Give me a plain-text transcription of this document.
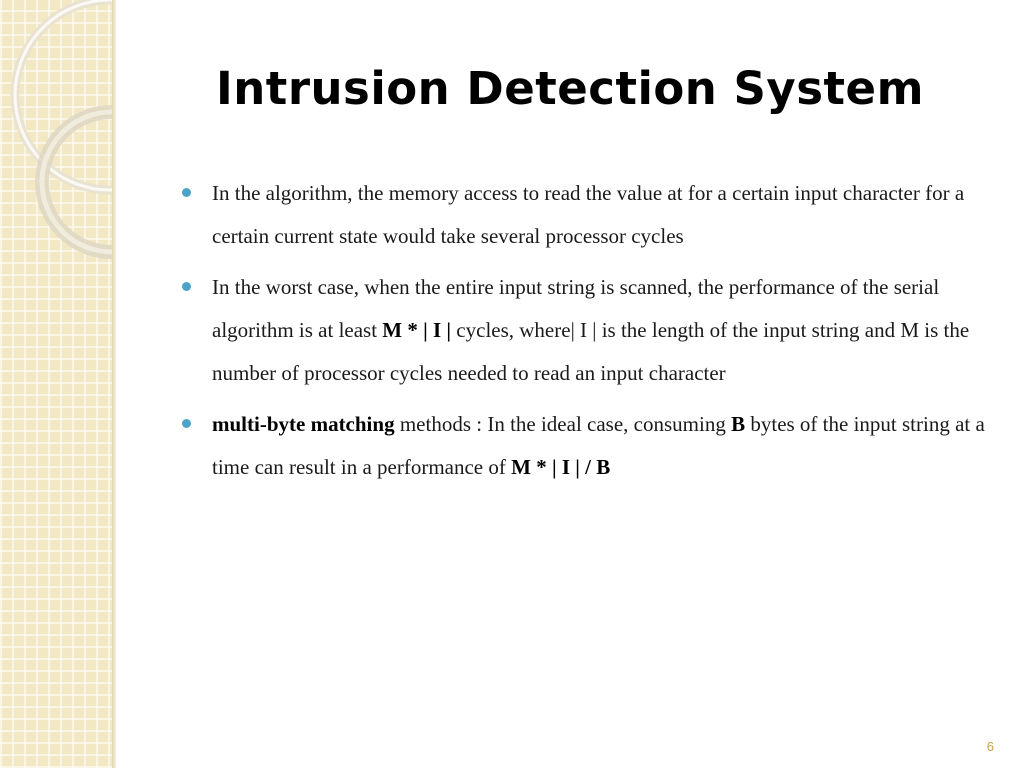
Intrusion Detection System
In the algorithm, the memory access to read the value at for a certain input character for a certain current state would take several processor cycles
In the worst case, when the entire input string is scanned, the performance of the serial algorithm is at least M * | I | cycles, where| I | is the length of the input string and M is the number of processor cycles needed to read an input character
multi-byte matching methods : In the ideal case, consuming B bytes of the input string at a time can result in a performance of M * | I | / B
6
